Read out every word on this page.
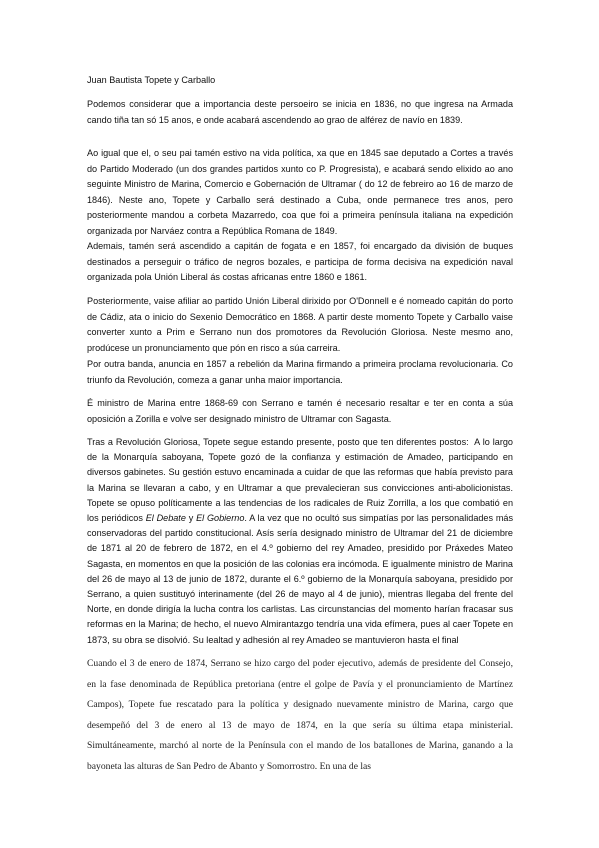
Juan Bautista Topete y Carballo

Podemos considerar que a importancia deste persoeiro se inicia en 1836, no que ingresa na Armada cando tiña tan só 15 anos, e onde acabará ascendendo ao grao de alférez de navío en 1839.

Ao igual que el, o seu pai tamén estivo na vida política, xa que en 1845 sae deputado a Cortes a través do Partido Moderado (un dos grandes partidos xunto co P. Progresista), e acabará sendo elixido ao ano seguinte Ministro de Marina, Comercio e Gobernación de Ultramar ( do 12 de febreiro ao 16 de marzo de 1846). Neste ano, Topete y Carballo será destinado a Cuba, onde permanece tres anos, pero posteriormente mandou a corbeta Mazarredo, coa que foi a primeira península italiana na expedición organizada por Narváez contra a República Romana de 1849.

Ademais, tamén será ascendido a capitán de fogata e en 1857, foi encargado da división de buques destinados a perseguir o tráfico de negros bozales, e participa de forma decisiva na expedición naval organizada pola Unión Liberal ás costas africanas entre 1860 e 1861.

Posteriormente, vaise afiliar ao partido Unión Liberal dirixido por O'Donnell e é nomeado capitán do porto de Cádiz, ata o inicio do Sexenio Democrático en 1868. A partir deste momento Topete y Carballo vaise converter xunto a Prim e Serrano nun dos promotores da Revolución Gloriosa. Neste mesmo ano, prodúcese un pronunciamento que pón en risco a súa carreira.

Por outra banda, anuncia en 1857 a rebelión da Marina firmando a primeira proclama revolucionaria. Co triunfo da Revolución, comeza a ganar unha maior importancia.

É ministro de Marina entre 1868-69 con Serrano e tamén é necesario resaltar e ter en conta a súa oposición a Zorilla e volve ser designado ministro de Ultramar con Sagasta.

Tras a Revolución Gloriosa, Topete segue estando presente, posto que ten diferentes postos: A lo largo de la Monarquía saboyana, Topete gozó de la confianza y estimación de Amadeo, participando en diversos gabinetes. Su gestión estuvo encaminada a cuidar de que las reformas que había previsto para la Marina se llevaran a cabo, y en Ultramar a que prevalecieran sus convicciones anti-abolicionistas. Topete se opuso políticamente a las tendencias de los radicales de Ruiz Zorrilla, a los que combatió en los periódicos El Debate y El Gobierno. A la vez que no ocultó sus simpatías por las personalidades más conservadoras del partido constitucional. Asís sería designado ministro de Ultramar del 21 de diciembre de 1871 al 20 de febrero de 1872, en el 4.º gobierno del rey Amadeo, presidido por Práxedes Mateo Sagasta, en momentos en que la posición de las colonias era incómoda. E igualmente ministro de Marina del 26 de mayo al 13 de junio de 1872, durante el 6.º gobierno de la Monarquía saboyana, presidido por Serrano, a quien sustituyó interinamente (del 26 de mayo al 4 de junio), mientras llegaba del frente del Norte, en donde dirigía la lucha contra los carlistas. Las circunstancias del momento harían fracasar sus reformas en la Marina; de hecho, el nuevo Almirantazgo tendría una vida efímera, pues al caer Topete en 1873, su obra se disolvió. Su lealtad y adhesión al rey Amadeo se mantuvieron hasta el final

Cuando el 3 de enero de 1874, Serrano se hizo cargo del poder ejecutivo, además de presidente del Consejo, en la fase denominada de República pretoriana (entre el golpe de Pavía y el pronunciamiento de Martínez Campos), Topete fue rescatado para la política y designado nuevamente ministro de Marina, cargo que desempeñó del 3 de enero al 13 de mayo de 1874, en la que sería su última etapa ministerial. Simultáneamente, marchó al norte de la Península con el mando de los batallones de Marina, ganando a la bayoneta las alturas de San Pedro de Abanto y Somorrostro. En una de las
